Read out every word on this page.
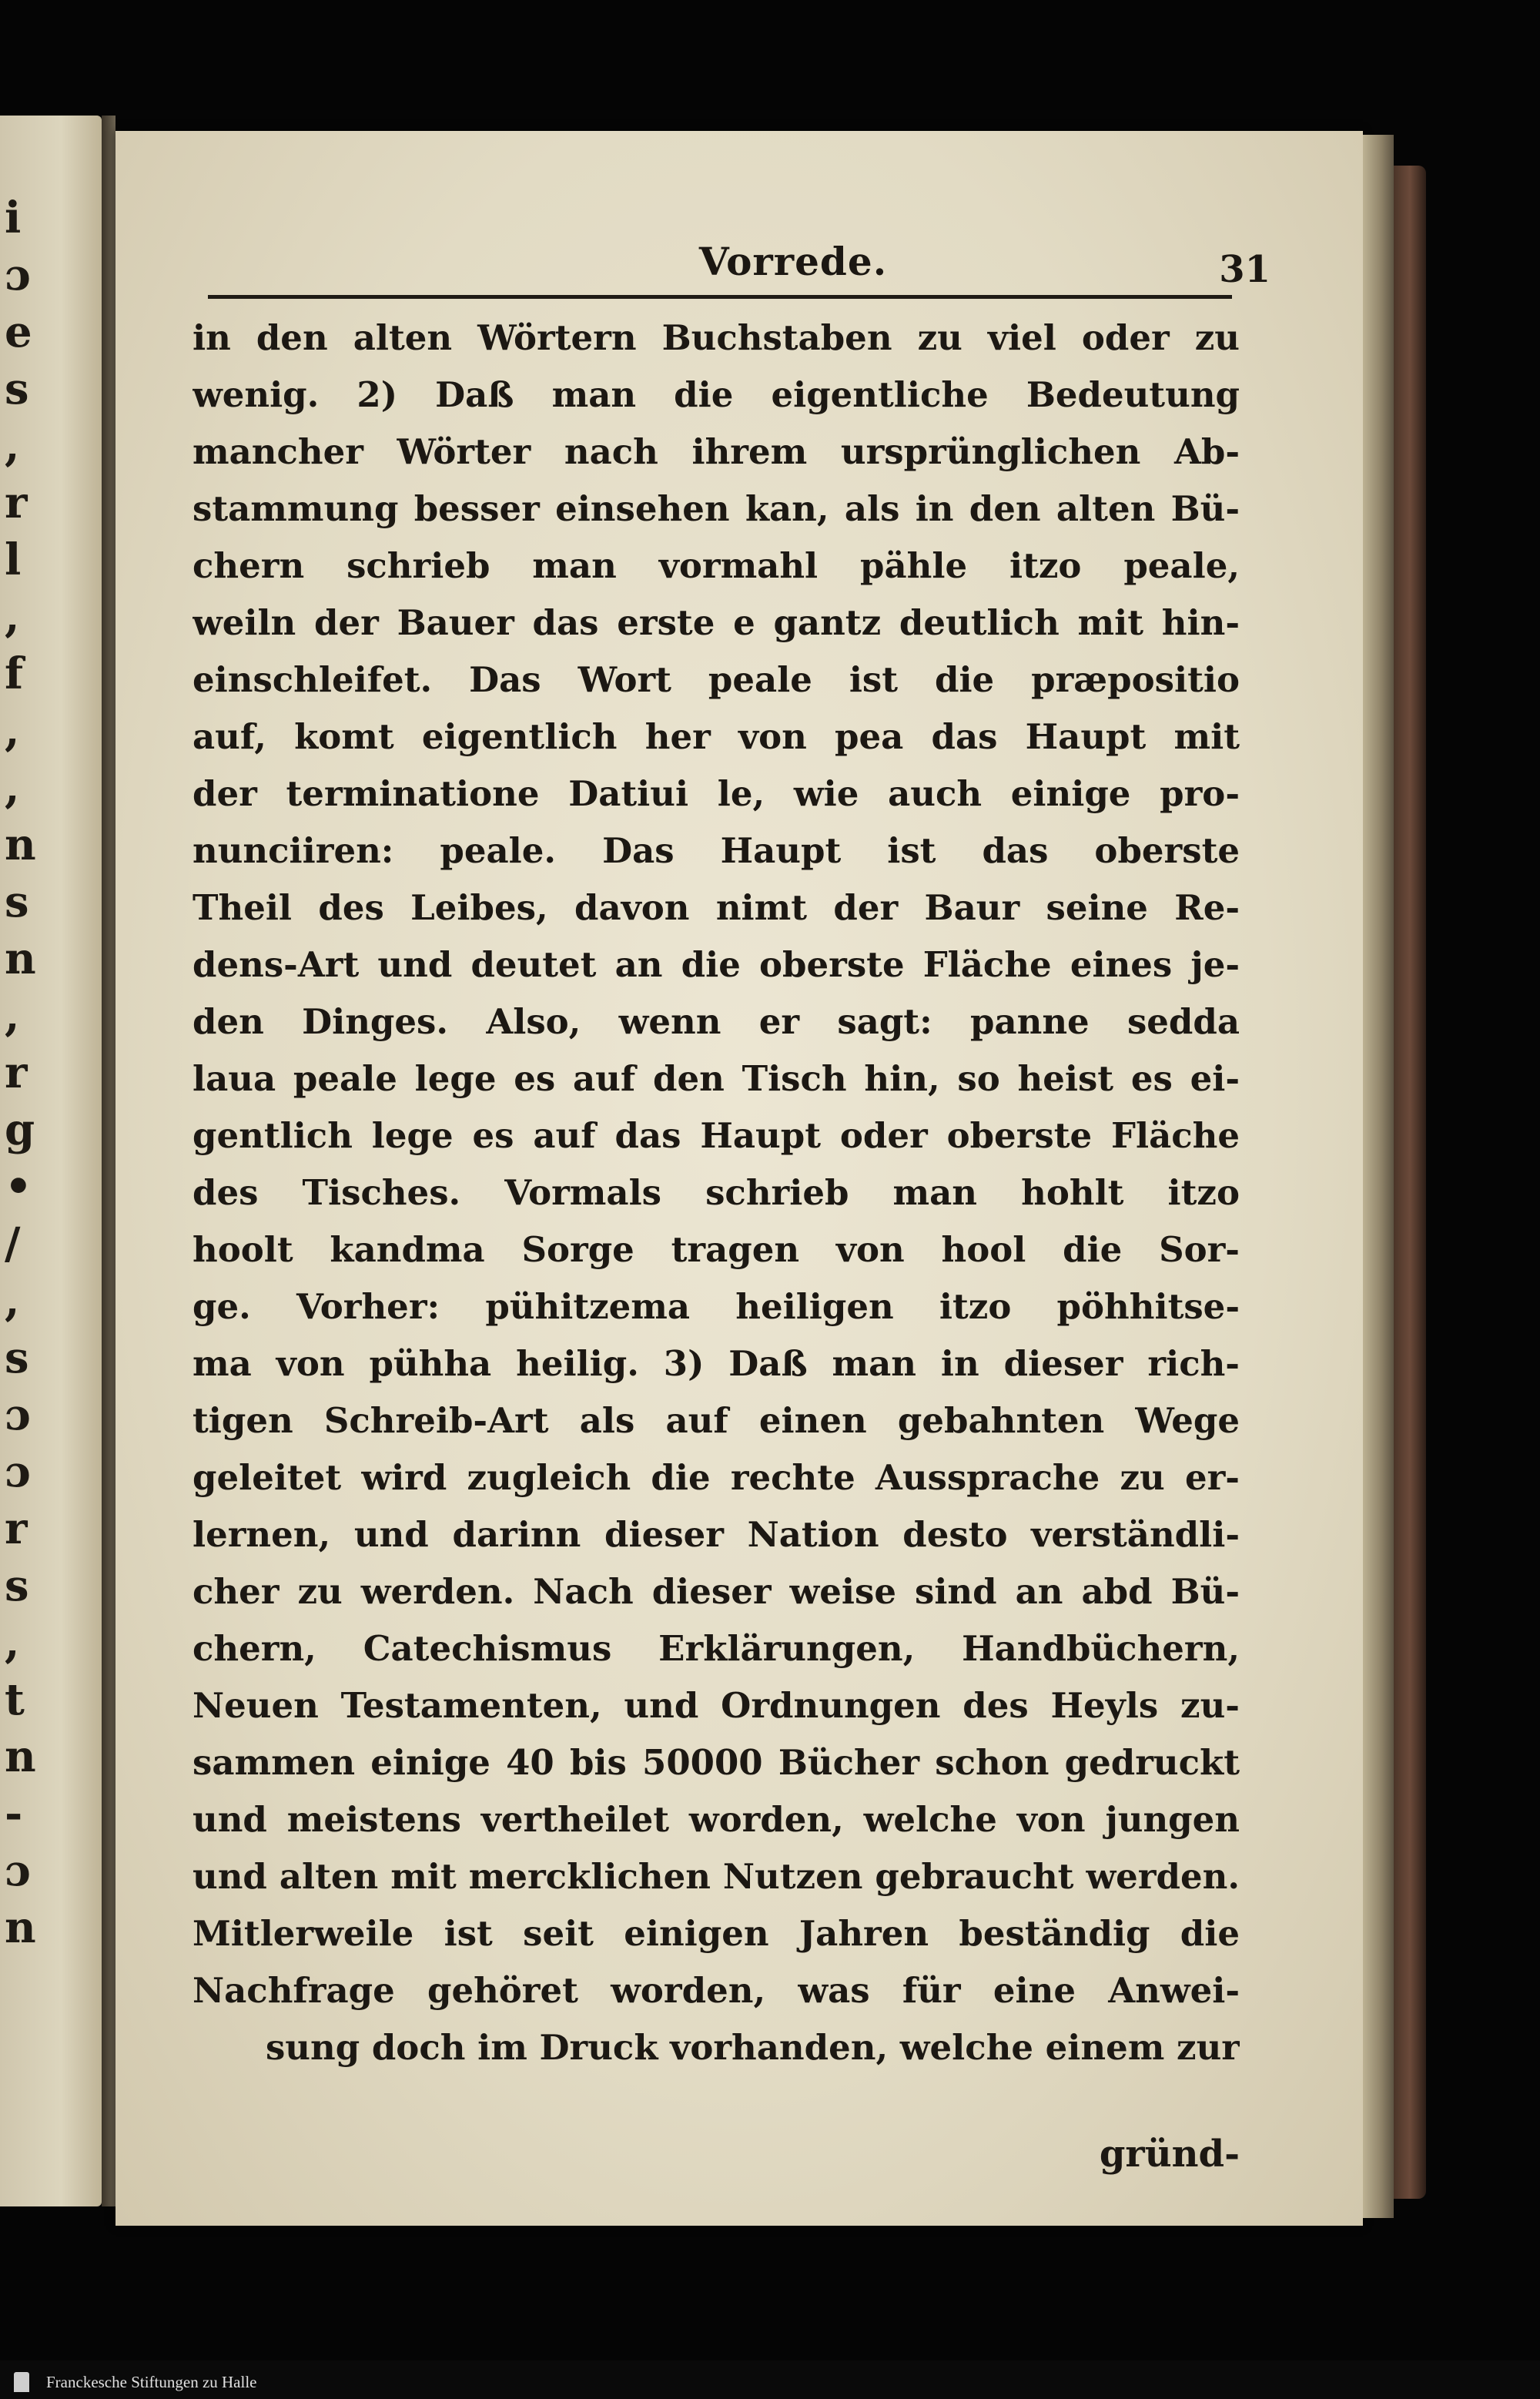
i
ɔ
e
s
,
r
l
,
f
,
,
n
s
n
,
r
g
•
/
,
s
ɔ
ɔ
r
s
,
t
n
-
ɔ
n
Vorrede.	31
in den alten Wörtern Buchstaben zu viel oder zu
wenig. 2) Daß man die eigentliche Bedeutung
mancher Wörter nach ihrem ursprünglichen Ab-
stammung besser einsehen kan, als in den alten Bü-
chern schrieb man vormahl pähle itzo peale,
weiln der Bauer das erste e gantz deutlich mit hin-
einschleifet. Das Wort peale ist die præpositio
auf, komt eigentlich her von pea das Haupt mit
der terminatione Datiui le, wie auch einige pro-
nunciiren: peale. Das Haupt ist das oberste
Theil des Leibes, davon nimt der Baur seine Re-
dens-Art und deutet an die oberste Fläche eines je-
den Dinges. Also, wenn er sagt: panne sedda
laua peale lege es auf den Tisch hin, so heist es ei-
gentlich lege es auf das Haupt oder oberste Fläche
des Tisches. Vormals schrieb man hohlt itzo
hoolt kandma Sorge tragen von hool die Sor-
ge. Vorher: pühitzema heiligen itzo pöhhitse-
ma von pühha heilig. 3) Daß man in dieser rich-
tigen Schreib-Art als auf einen gebahnten Wege
geleitet wird zugleich die rechte Aussprache zu er-
lernen, und darinn dieser Nation desto verständli-
cher zu werden. Nach dieser weise sind an abd Bü-
chern, Catechismus Erklärungen, Handbüchern,
Neuen Testamenten, und Ordnungen des Heyls zu-
sammen einige 40 bis 50000 Bücher schon gedruckt
und meistens vertheilet worden, welche von jungen
und alten mit mercklichen Nutzen gebraucht werden.
Mitlerweile ist seit einigen Jahren beständig die
Nachfrage gehöret worden, was für eine Anwei-
sung doch im Druck vorhanden, welche einem zur
gründ-
Franckesche Stiftungen zu Halle
